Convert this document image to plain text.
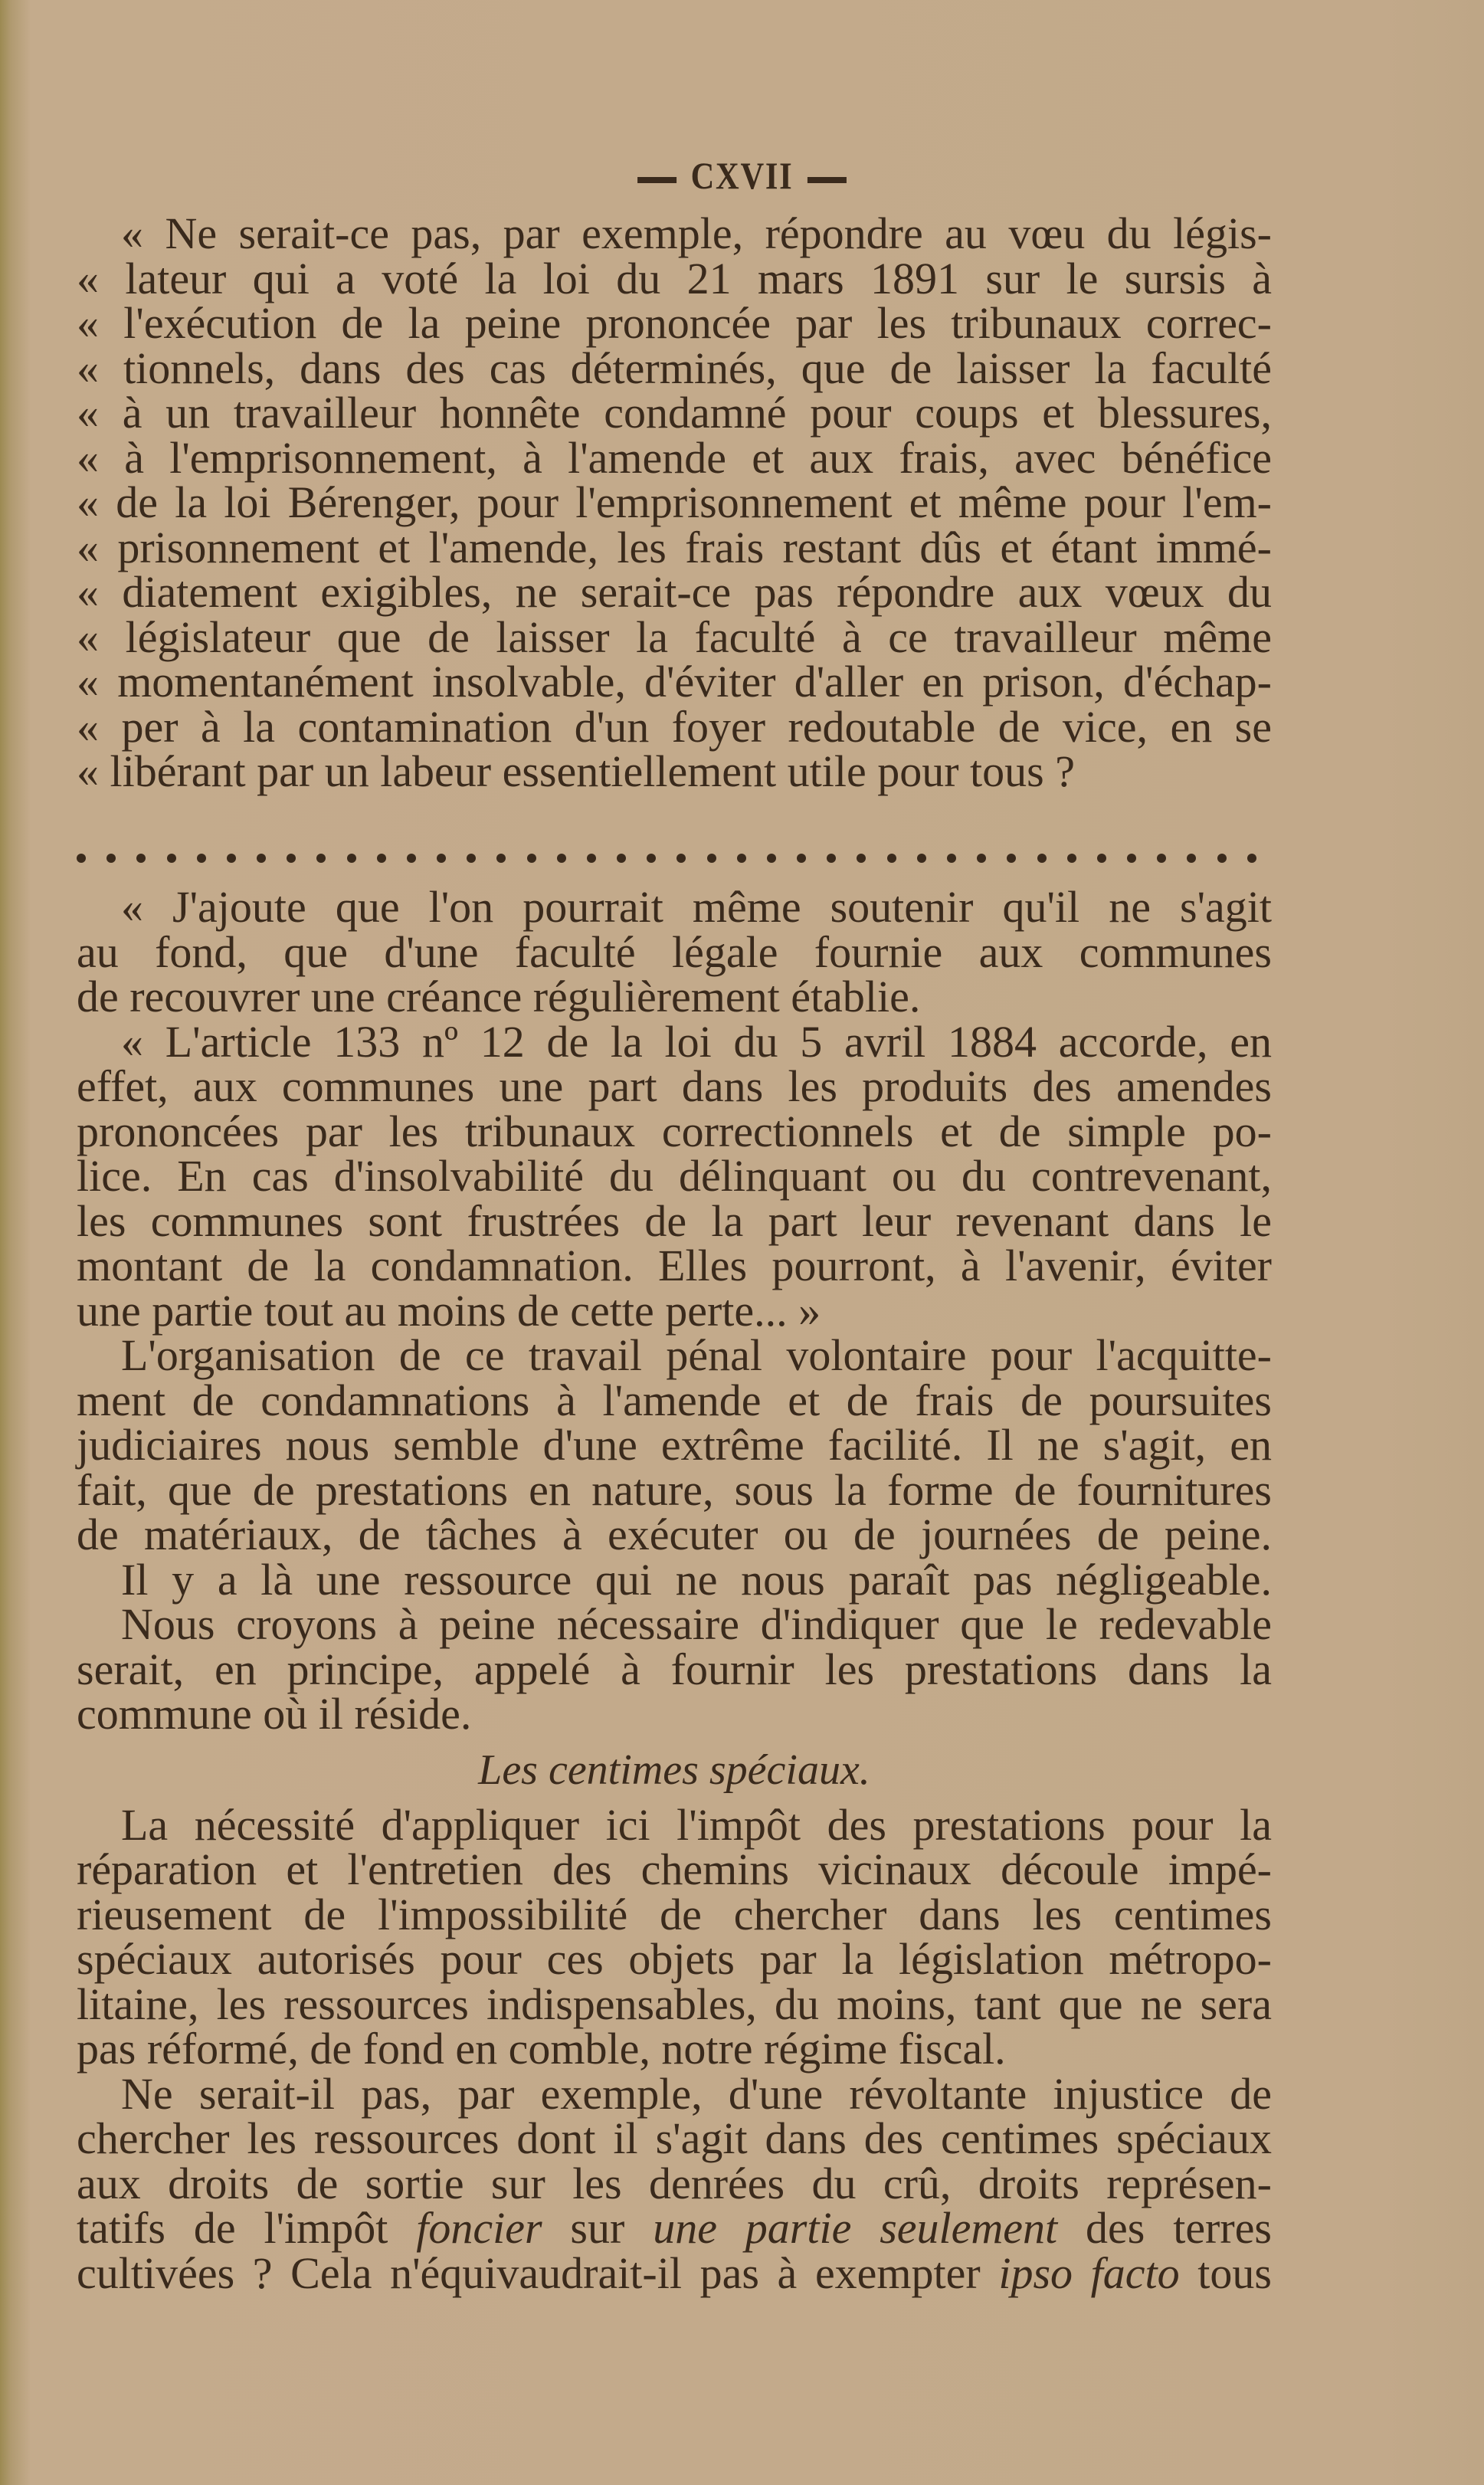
CXVII
« Ne serait-ce pas, par exemple, répondre au vœu du légis-
« lateur qui a voté la loi du 21 mars 1891 sur le sursis à
« l'exécution de la peine prononcée par les tribunaux correc-
« tionnels, dans des cas déterminés, que de laisser la faculté
« à un travailleur honnête condamné pour coups et blessures,
« à l'emprisonnement, à l'amende et aux frais, avec bénéfice
« de la loi Bérenger, pour l'emprisonnement et même pour l'em-
« prisonnement et l'amende, les frais restant dûs et étant immé-
« diatement exigibles, ne serait-ce pas répondre aux vœux du
« législateur que de laisser la faculté à ce travailleur même
« momentanément insolvable, d'éviter d'aller en prison, d'échap-
« per à la contamination d'un foyer redoutable de vice, en se
« libérant par un labeur essentiellement utile pour tous ?
« J'ajoute que l'on pourrait même soutenir qu'il ne s'agit
au fond, que d'une faculté légale fournie aux communes
de recouvrer une créance régulièrement établie.
« L'article 133 nº 12 de la loi du 5 avril 1884 accorde, en
effet, aux communes une part dans les produits des amendes
prononcées par les tribunaux correctionnels et de simple po-
lice. En cas d'insolvabilité du délinquant ou du contrevenant,
les communes sont frustrées de la part leur revenant dans le
montant de la condamnation. Elles pourront, à l'avenir, éviter
une partie tout au moins de cette perte... »
L'organisation de ce travail pénal volontaire pour l'acquitte-
ment de condamnations à l'amende et de frais de poursuites
judiciaires nous semble d'une extrême facilité. Il ne s'agit, en
fait, que de prestations en nature, sous la forme de fournitures
de matériaux, de tâches à exécuter ou de journées de peine.
Il y a là une ressource qui ne nous paraît pas négligeable.
Nous croyons à peine nécessaire d'indiquer que le redevable
serait, en principe, appelé à fournir les prestations dans la
commune où il réside.
Les centimes spéciaux.
La nécessité d'appliquer ici l'impôt des prestations pour la
réparation et l'entretien des chemins vicinaux découle impé-
rieusement de l'impossibilité de chercher dans les centimes
spéciaux autorisés pour ces objets par la législation métropo-
litaine, les ressources indispensables, du moins, tant que ne sera
pas réformé, de fond en comble, notre régime fiscal.
Ne serait-il pas, par exemple, d'une révoltante injustice de
chercher les ressources dont il s'agit dans des centimes spéciaux
aux droits de sortie sur les denrées du crû, droits représen-
tatifs de l'impôt foncier sur une partie seulement des terres
cultivées ? Cela n'équivaudrait-il pas à exempter ipso facto tous
